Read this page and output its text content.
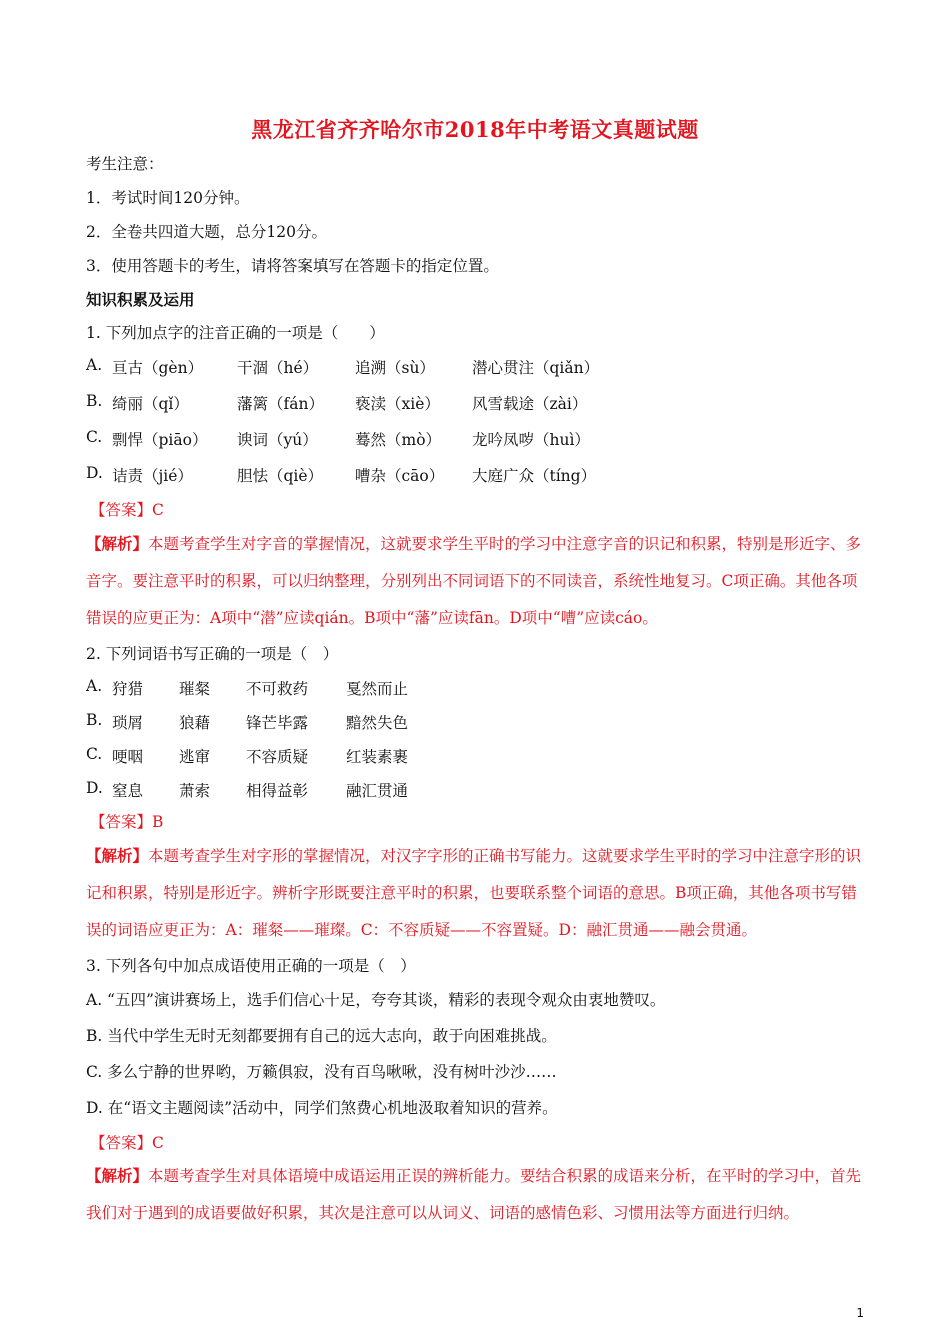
黑龙江省齐齐哈尔市2018年中考语文真题试题
考生注意：
1．考试时间120分钟。
2．全卷共四道大题，总分120分。
3．使用答题卡的考生，请将答案填写在答题卡的指定位置。
知识积累及运用
1. 下列加点字的注音正确的一项是（　　）
A. 亘古（gèn） 干涸（hé） 追溯（sù） 潜心贯注（qiǎn）
B. 绮丽（qǐ）	藩篱（fán） 亵渎（xiè） 风雪载途（zài）
C. 剽悍（piāo） 谀词（yú） 蓦然（mò） 龙吟凤哕（huì）
D. 诘责（jié）	胆怯（qiè） 嘈杂（cāo） 大庭广众（tíng）
【答案】C
【解析】本题考查学生对字音的掌握情况，这就要求学生平时的学习中注意字音的识记和积累，特别是形近字、多音字。要注意平时的积累，可以归纳整理，分别列出不同词语下的不同读音，系统性地复习。C项正确。其他各项错误的应更正为：A项中“潜”应读qián。B项中“藩”应读fān。D项中“嘈”应读cáo。
2. 下列词语书写正确的一项是（　）
A. 狩猎 璀粲 不可救药 戛然而止
B. 琐屑 狼藉 锋芒毕露 黯然失色
C. 哽咽 逃窜 不容质疑 红装素裹
D. 窒息 萧索 相得益彰 融汇贯通
【答案】B
【解析】本题考查学生对字形的掌握情况，对汉字字形的正确书写能力。这就要求学生平时的学习中注意字形的识记和积累，特别是形近字。辨析字形既要注意平时的积累，也要联系整个词语的意思。B项正确，其他各项书写错误的词语应更正为：A：璀粲——璀璨。C：不容质疑——不容置疑。D：融汇贯通——融会贯通。
3. 下列各句中加点成语使用正确的一项是（　）
A. “五四”演讲赛场上，选手们信心十足，夸夸其谈，精彩的表现令观众由衷地赞叹。
B. 当代中学生无时无刻都要拥有自己的远大志向，敢于向困难挑战。
C. 多么宁静的世界哟，万籁俱寂，没有百鸟啾啾，没有树叶沙沙……
D. 在“语文主题阅读”活动中，同学们煞费心机地汲取着知识的营养。
【答案】C
【解析】本题考查学生对具体语境中成语运用正误的辨析能力。要结合积累的成语来分析，在平时的学习中，首先我们对于遇到的成语要做好积累，其次是注意可以从词义、词语的感情色彩、习惯用法等方面进行归纳。
1
